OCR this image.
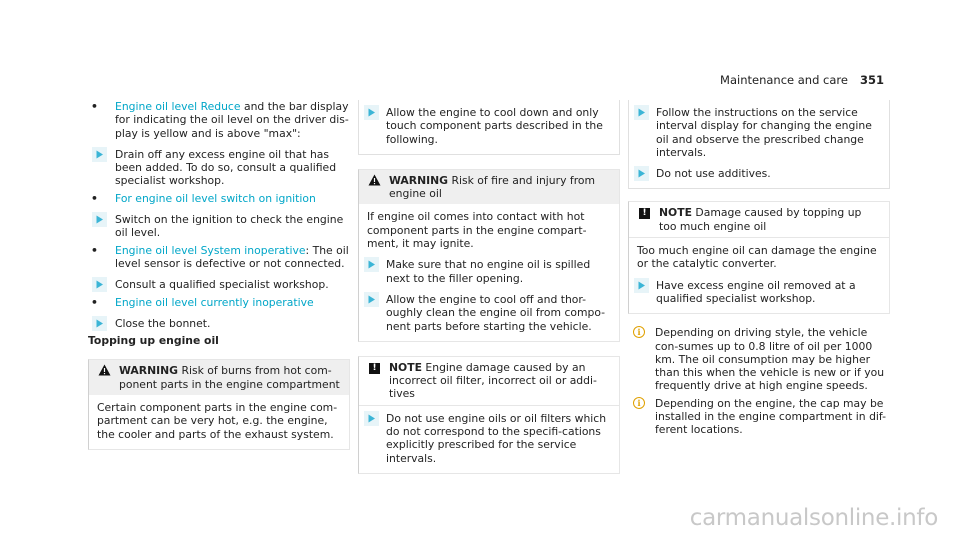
Maintenance and care 351
• Engine oil level Reduce and the bar display for indicating the oil level on the driver dis-play is yellow and is above "max":
Drain off any excess engine oil that has been added. To do so, consult a qualified specialist workshop.
• For engine oil level switch on ignition
Switch on the ignition to check the engine oil level.
• Engine oil level System inoperative: The oil level sensor is defective or not connected.
Consult a qualified specialist workshop.
• Engine oil level currently inoperative
Close the bonnet.
Topping up engine oil
WARNING Risk of burns from hot com-ponent parts in the engine compartment
Certain component parts in the engine com-partment can be very hot, e.g. the engine, the cooler and parts of the exhaust system.
Allow the engine to cool down and only touch component parts described in the following.
WARNING Risk of fire and injury from engine oil
If engine oil comes into contact with hot component parts in the engine compart-ment, it may ignite.
Make sure that no engine oil is spilled next to the filler opening.
Allow the engine to cool off and thor-oughly clean the engine oil from compo-nent parts before starting the vehicle.
!	NOTE Engine damage caused by an incorrect oil filter, incorrect oil or addi-tives
Do not use engine oils or oil filters which do not correspond to the specifi-cations explicitly prescribed for the service intervals.
Follow the instructions on the service interval display for changing the engine oil and observe the prescribed change intervals.
Do not use additives.
!	NOTE Damage caused by topping up too much engine oil
Too much engine oil can damage the engine or the catalytic converter.
Have excess engine oil removed at a qualified specialist workshop.
i	Depending on driving style, the vehicle con-sumes up to 0.8 litre of oil per 1000 km. The oil consumption may be higher than this when the vehicle is new or if you frequently drive at high engine speeds.
i	Depending on the engine, the cap may be installed in the engine compartment in dif-ferent locations.
carmanualsonline.info
